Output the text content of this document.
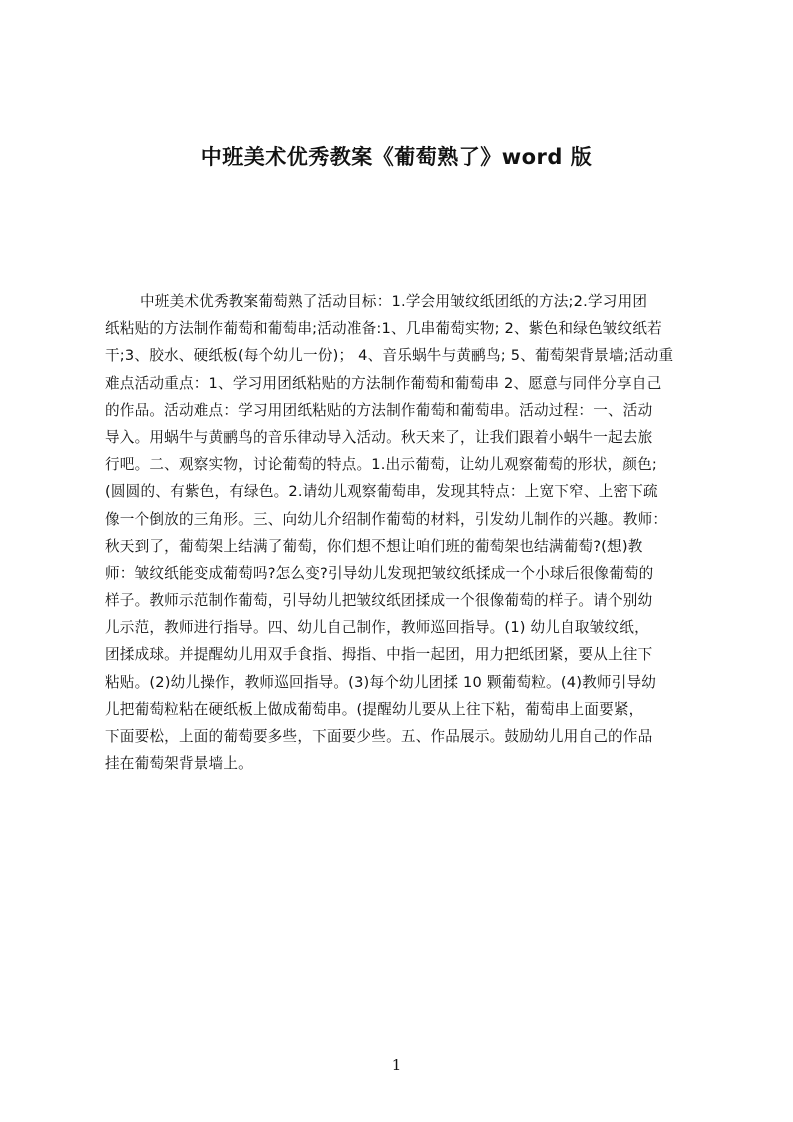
中班美术优秀教案《葡萄熟了》word 版
中班美术优秀教案葡萄熟了活动目标：1.学会用皱纹纸团纸的方法;2.学习用团
纸粘贴的方法制作葡萄和葡萄串;活动准备:1、几串葡萄实物; 2、紫色和绿色皱纹纸若
干;3、胶水、硬纸板(每个幼儿一份)； 4、音乐蜗牛与黄鹂鸟; 5、葡萄架背景墙;活动重
难点活动重点：1、学习用团纸粘贴的方法制作葡萄和葡萄串 2、愿意与同伴分享自己
的作品。活动难点：学习用团纸粘贴的方法制作葡萄和葡萄串。活动过程：一、活动
导入。用蜗牛与黄鹂鸟的音乐律动导入活动。秋天来了，让我们跟着小蜗牛一起去旅
行吧。二、观察实物，讨论葡萄的特点。1.出示葡萄，让幼儿观察葡萄的形状，颜色;
(圆圆的、有紫色，有绿色。2.请幼儿观察葡萄串，发现其特点：上宽下窄、上密下疏
像一个倒放的三角形。三、向幼儿介绍制作葡萄的材料，引发幼儿制作的兴趣。教师：
秋天到了，葡萄架上结满了葡萄，你们想不想让咱们班的葡萄架也结满葡萄?(想)教
师：皱纹纸能变成葡萄吗?怎么变?引导幼儿发现把皱纹纸揉成一个小球后很像葡萄的
样子。教师示范制作葡萄，引导幼儿把皱纹纸团揉成一个很像葡萄的样子。请个别幼
儿示范，教师进行指导。四、幼儿自己制作，教师巡回指导。(1) 幼儿自取皱纹纸，
团揉成球。并提醒幼儿用双手食指、拇指、中指一起团，用力把纸团紧，要从上往下
粘贴。(2)幼儿操作，教师巡回指导。(3)每个幼儿团揉 10 颗葡萄粒。(4)教师引导幼
儿把葡萄粒粘在硬纸板上做成葡萄串。(提醒幼儿要从上往下粘，葡萄串上面要紧，
下面要松，上面的葡萄要多些，下面要少些。五、作品展示。鼓励幼儿用自己的作品
挂在葡萄架背景墙上。
1
